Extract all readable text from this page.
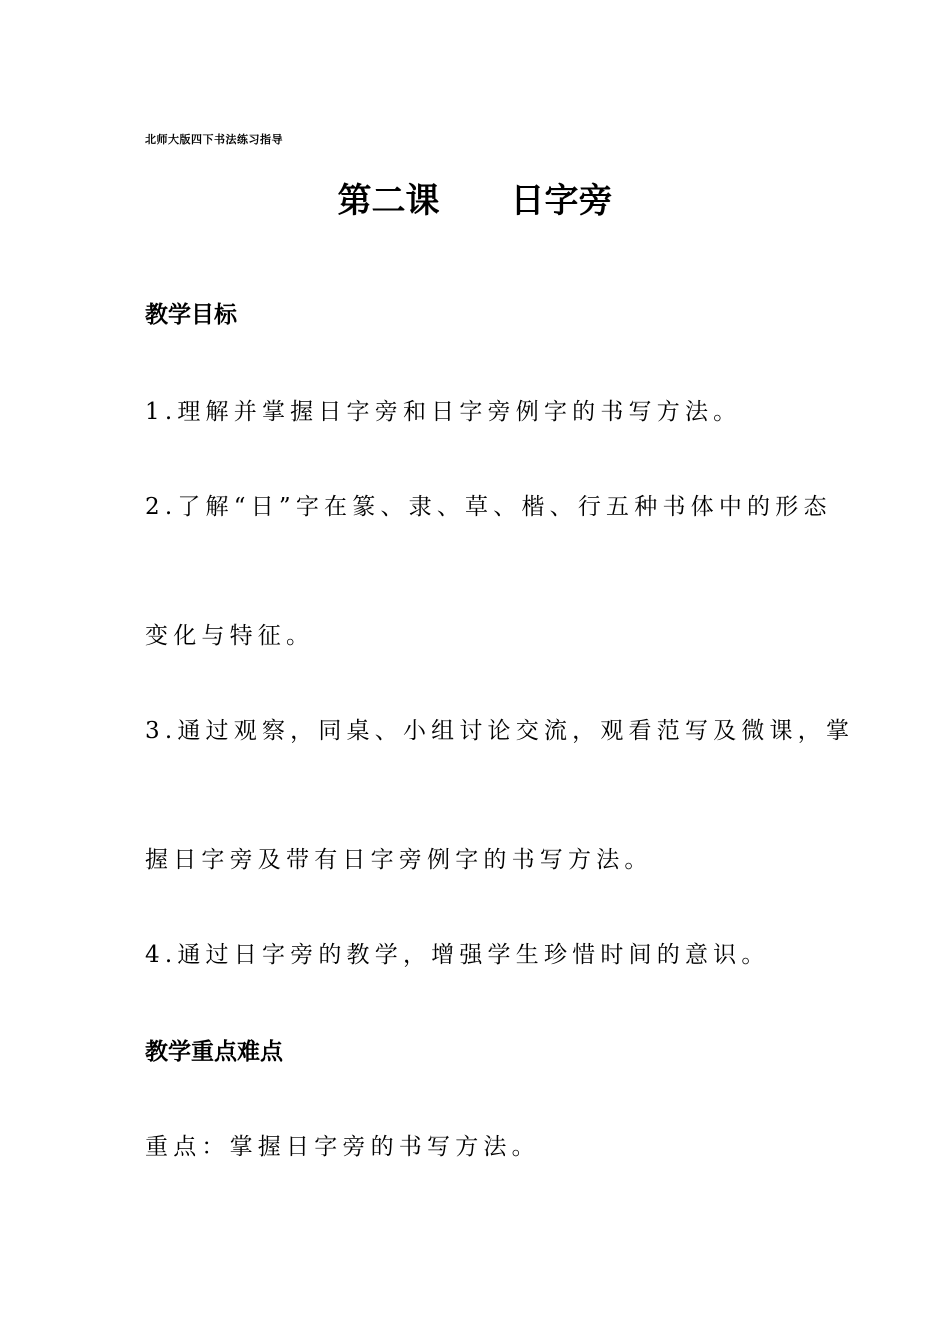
北师大版四下书法练习指导
第二课      日字旁
教学目标
1.理解并掌握日字旁和日字旁例字的书写方法。
2.了解“日”字在篆、隶、草、楷、行五种书体中的形态
变化与特征。
3.通过观察，同桌、小组讨论交流，观看范写及微课，掌
握日字旁及带有日字旁例字的书写方法。
4.通过日字旁的教学，增强学生珍惜时间的意识。
教学重点难点
重点：掌握日字旁的书写方法。
